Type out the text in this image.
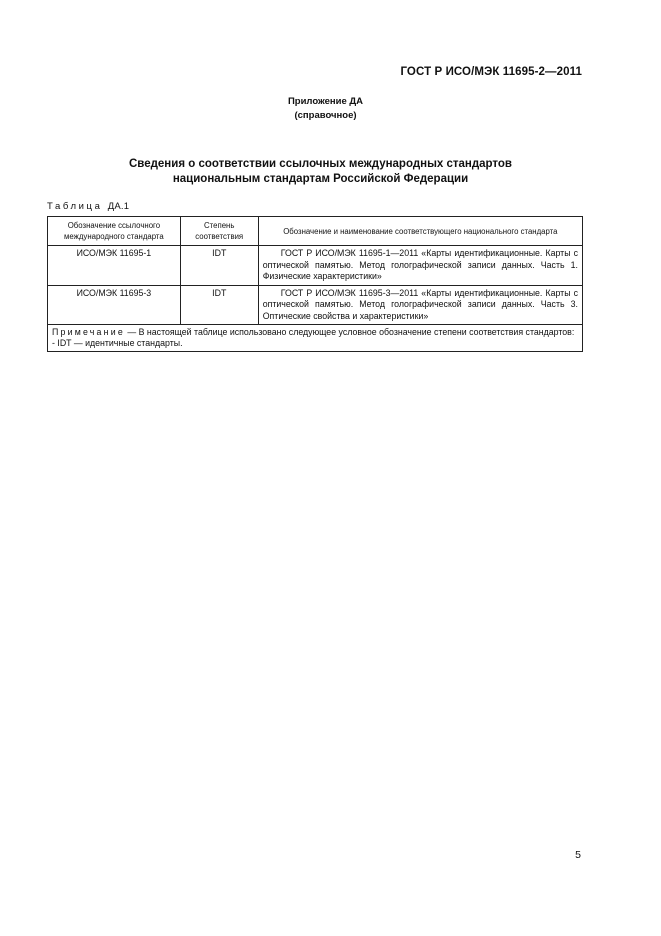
ГОСТ Р ИСО/МЭК 11695-2—2011
Приложение ДА
(справочное)
Сведения о соответствии ссылочных международных стандартов
национальным стандартам Российской Федерации
Таблица ДА.1
Обозначение ссылочного международного стандарта	Степень соответствия	Обозначение и наименование соответствующего национального стандарта
ИСО/МЭК 11695-1	IDT	ГОСТ Р ИСО/МЭК 11695-1—2011 «Карты идентификационные. Карты с оптической памятью. Метод голографической записи данных. Часть 1. Физические характеристики»
ИСО/МЭК 11695-3	IDT	ГОСТ Р ИСО/МЭК 11695-3—2011 «Карты идентификационные. Карты с оптической памятью. Метод голографической записи данных. Часть 3. Оптические свойства и характеристики»

Примечание — В настоящей таблице использовано следующее условное обозначение степени соответствия стандартов:
- IDT — идентичные стандарты.		
5
